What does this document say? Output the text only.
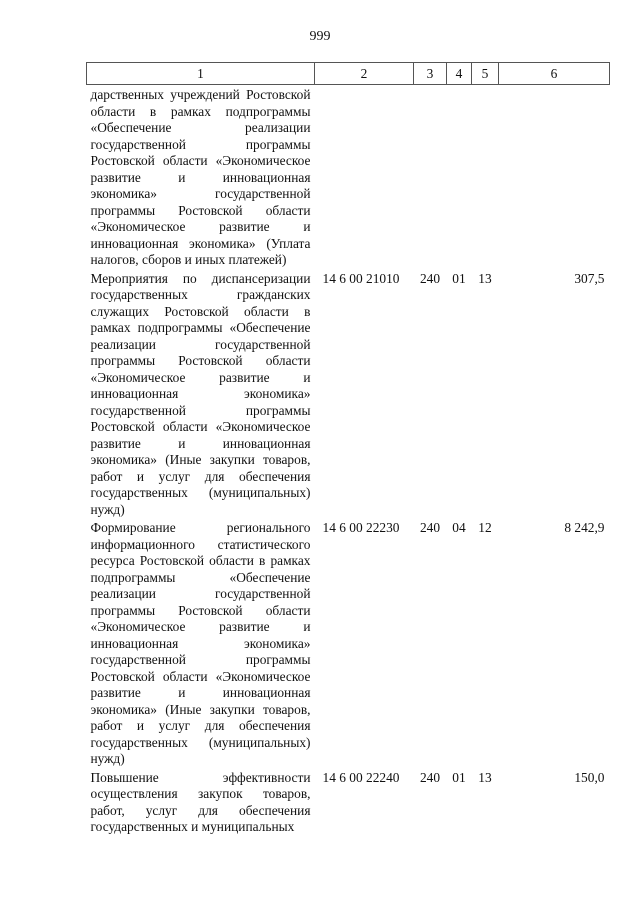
999
1	2	3	4	5	6
дарственных учреждений Ростовской области в рамках подпрограммы «Обеспечение реализации государственной программы Ростовской области «Экономическое развитие и инновационная экономика» государственной программы Ростовской области «Экономическое развитие и инновационная экономика» (Уплата налогов, сборов и иных платежей)					
Мероприятия по диспансеризации государственных гражданских служащих Ростовской области в рамках подпрограммы «Обеспечение реализации государственной программы Ростовской области «Экономическое развитие и инновационная экономика» государственной программы Ростовской области «Экономическое развитие и инновационная экономика» (Иные закупки товаров, работ и услуг для обеспечения государственных (муниципальных) нужд)	14 6 00 21010	240	01	13	307,5
Формирование регионального информационного статистического ресурса Ростовской области в рамках подпрограммы «Обеспечение реализации государственной программы Ростовской области «Экономическое развитие и инновационная экономика» государственной программы Ростовской области «Экономическое развитие и инновационная экономика» (Иные закупки товаров, работ и услуг для обеспечения государственных (муниципальных) нужд)	14 6 00 22230	240	04	12	8 242,9
Повышение эффективности осуществления закупок товаров, работ, услуг для обеспечения государственных и муниципальных	14 6 00 22240	240	01	13	150,0
